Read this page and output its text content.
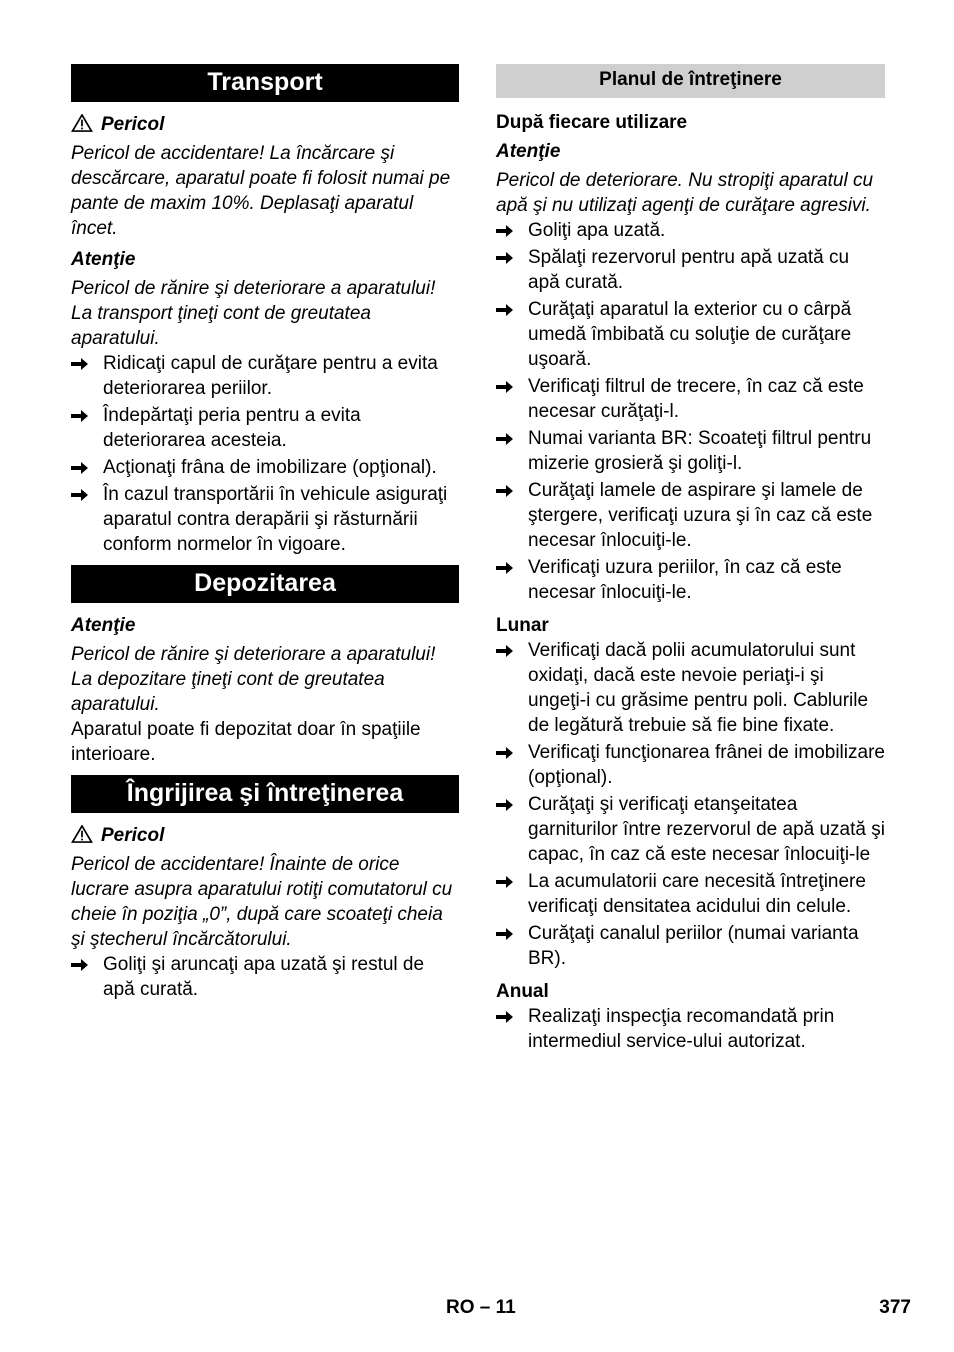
Transport

Pericol

Pericol de accidentare! La încărcare şi descărcare, aparatul poate fi folosit numai pe pante de maxim 10%. Deplasaţi aparatul încet.

Atenţie

Pericol de rănire şi deteriorare a aparatului! La transport ţineţi cont de greutatea aparatului.

Ridicaţi capul de curăţare pentru a evita deteriorarea periilor.
Îndepărtaţi peria pentru a evita deteriorarea acesteia.
Acţionaţi frâna de imobilizare (opţional).
În cazul transportării în vehicule asiguraţi aparatul contra derapării şi răsturnării conform normelor în vigoare.
Depozitarea

Atenţie

Pericol de rănire şi deteriorare a aparatului! La depozitare ţineţi cont de greutatea aparatului.

Aparatul poate fi depozitat doar în spaţiile interioare.

Îngrijirea şi întreţinerea

Pericol

Pericol de accidentare! Înainte de orice lucrare asupra aparatului rotiţi comutatorul cu cheie în poziţia „0”, după care scoateţi cheia şi ştecherul încărcătorului.

Goliţi şi aruncaţi apa uzată şi restul de apă curată.
Planul de întreţinere

După fiecare utilizare

Atenţie

Pericol de deteriorare. Nu stropiţi aparatul cu apă şi nu utilizaţi agenţi de curăţare agresivi.

Goliţi apa uzată.
Spălaţi rezervorul pentru apă uzată cu apă curată.
Curăţaţi aparatul la exterior cu o cârpă umedă îmbibată cu soluţie de curăţare uşoară.
Verificaţi filtrul de trecere, în caz că este necesar curăţaţi-l.
Numai varianta BR: Scoateţi filtrul pentru mizerie grosieră şi goliţi-l.
Curăţaţi lamele de aspirare şi lamele de ştergere, verificaţi uzura şi în caz că este necesar înlocuiţi-le.
Verificaţi uzura periilor, în caz că este necesar înlocuiţi-le.

Lunar

Verificaţi dacă polii acumulatorului sunt oxidaţi, dacă este nevoie periaţi-i şi ungeţi-i cu grăsime pentru poli. Cablurile de legătură trebuie să fie bine fixate.
Verificaţi funcţionarea frânei de imobilizare (opţional).
Curăţaţi şi verificaţi etanşeitatea garniturilor între rezervorul de apă uzată şi capac, în caz că este necesar înlocuiţi-le
La acumulatorii care necesită întreţinere verificaţi densitatea acidului din celule.
Curăţaţi canalul periilor (numai varianta BR).

Anual

Realizaţi inspecţia recomandată prin intermediul service-ului autorizat.
RO – 11	377
